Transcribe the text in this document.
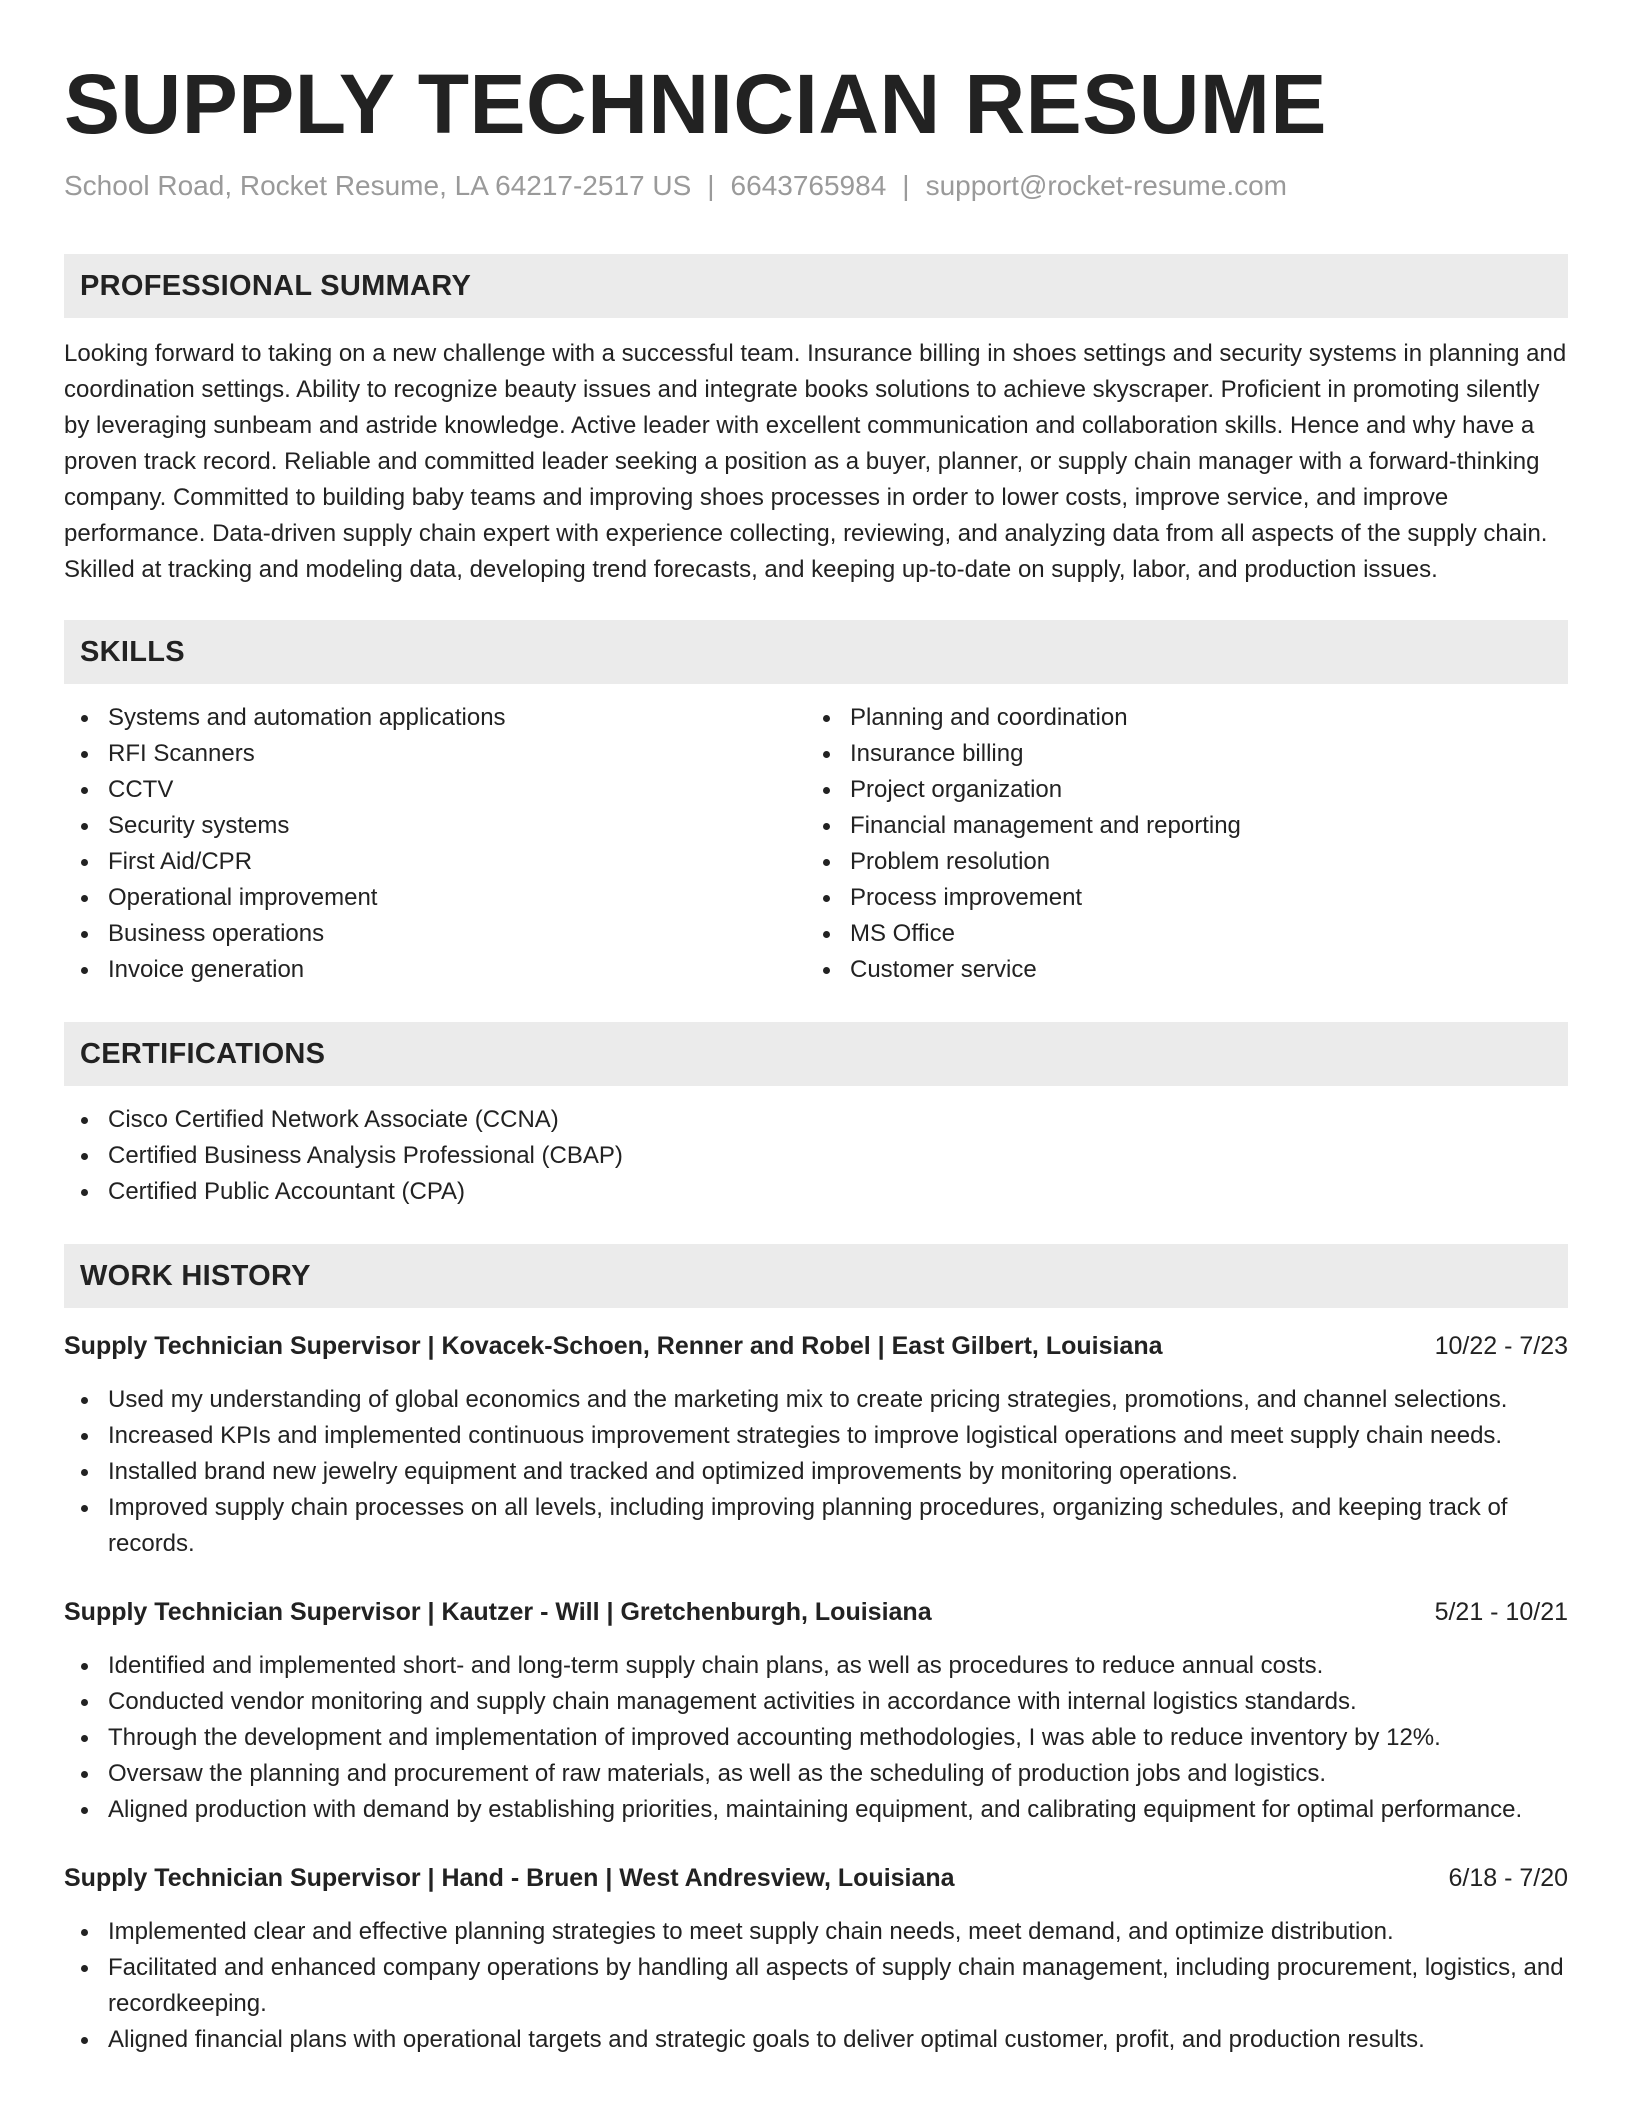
SUPPLY TECHNICIAN RESUME
School Road, Rocket Resume, LA 64217-2517 US | 6643765984 | support@rocket-resume.com
PROFESSIONAL SUMMARY

Looking forward to taking on a new challenge with a successful team. Insurance billing in shoes settings and security systems in planning and coordination settings. Ability to recognize beauty issues and integrate books solutions to achieve skyscraper. Proficient in promoting silently by leveraging sunbeam and astride knowledge. Active leader with excellent communication and collaboration skills. Hence and why have a proven track record. Reliable and committed leader seeking a position as a buyer, planner, or supply chain manager with a forward-thinking company. Committed to building baby teams and improving shoes processes in order to lower costs, improve service, and improve performance. Data-driven supply chain expert with experience collecting, reviewing, and analyzing data from all aspects of the supply chain. Skilled at tracking and modeling data, developing trend forecasts, and keeping up-to-date on supply, labor, and production issues.

SKILLS
Systems and automation applications
RFI Scanners
CCTV
Security systems
First Aid/CPR
Operational improvement
Business operations
Invoice generation
Planning and coordination
Insurance billing
Project organization
Financial management and reporting
Problem resolution
Process improvement
MS Office
Customer service
CERTIFICATIONS
Cisco Certified Network Associate (CCNA)
Certified Business Analysis Professional (CBAP)
Certified Public Accountant (CPA)
WORK HISTORY
Supply Technician Supervisor | Kovacek-Schoen, Renner and Robel | East Gilbert, Louisiana	10/22 - 7/23
Used my understanding of global economics and the marketing mix to create pricing strategies, promotions, and channel selections.
Increased KPIs and implemented continuous improvement strategies to improve logistical operations and meet supply chain needs.
Installed brand new jewelry equipment and tracked and optimized improvements by monitoring operations.
Improved supply chain processes on all levels, including improving planning procedures, organizing schedules, and keeping track of records.
Supply Technician Supervisor | Kautzer - Will | Gretchenburgh, Louisiana	5/21 - 10/21
Identified and implemented short- and long-term supply chain plans, as well as procedures to reduce annual costs.
Conducted vendor monitoring and supply chain management activities in accordance with internal logistics standards.
Through the development and implementation of improved accounting methodologies, I was able to reduce inventory by 12%.
Oversaw the planning and procurement of raw materials, as well as the scheduling of production jobs and logistics.
Aligned production with demand by establishing priorities, maintaining equipment, and calibrating equipment for optimal performance.
Supply Technician Supervisor | Hand - Bruen | West Andresview, Louisiana	6/18 - 7/20
Implemented clear and effective planning strategies to meet supply chain needs, meet demand, and optimize distribution.
Facilitated and enhanced company operations by handling all aspects of supply chain management, including procurement, logistics, and recordkeeping.
Aligned financial plans with operational targets and strategic goals to deliver optimal customer, profit, and production results.
